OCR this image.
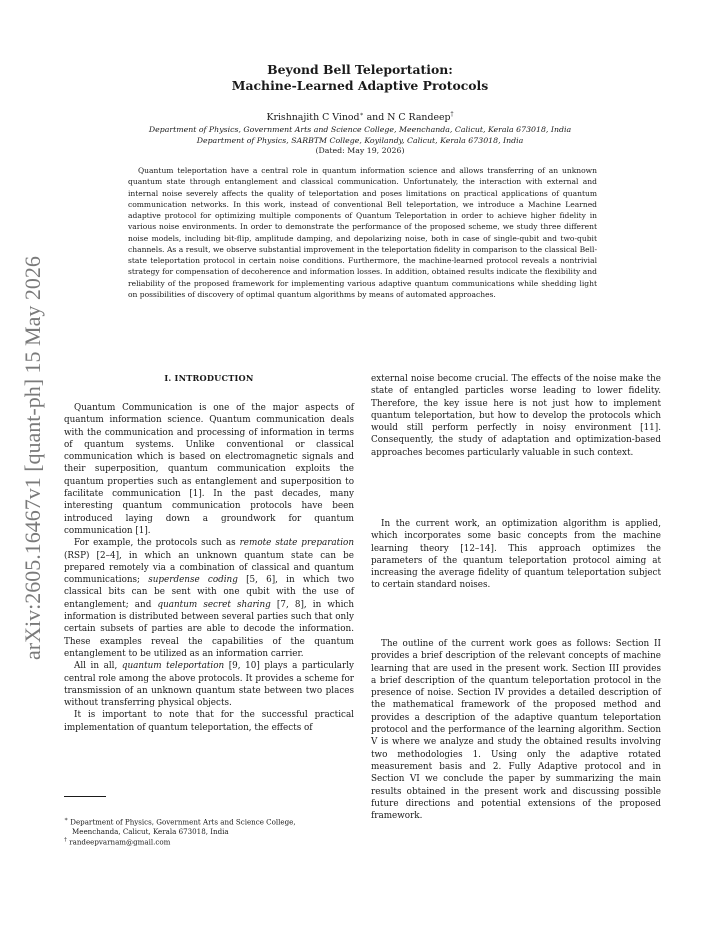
arXiv:2605.16467v1 [quant-ph] 15 May 2026
Beyond Bell Teleportation:
Machine-Learned Adaptive Protocols
Krishnajith C Vinod∗ and N C Randeep†
Department of Physics, Government Arts and Science College, Meenchanda, Calicut, Kerala 673018, India
Department of Physics, SARBTM College, Koyilandy, Calicut, Kerala 673018, India
(Dated: May 19, 2026)
Quantum teleportation have a central role in quantum information science and allows transferring of an unknown quantum state through entanglement and classical communication. Unfortunately, the interaction with external and internal noise severely affects the quality of teleportation and poses limitations on practical applications of quantum communication networks. In this work, instead of conventional Bell teleportation, we introduce a Machine Learned adaptive protocol for optimizing multiple components of Quantum Teleportation in order to achieve higher fidelity in various noise environments. In order to demonstrate the performance of the proposed scheme, we study three different noise models, including bit-flip, amplitude damping, and depolarizing noise, both in case of single-qubit and two-qubit channels. As a result, we observe substantial improvement in the teleportation fidelity in comparison to the classical Bell-state teleportation protocol in certain noise conditions. Furthermore, the machine-learned protocol reveals a nontrivial strategy for compensation of decoherence and information losses. In addition, obtained results indicate the flexibility and reliability of the proposed framework for implementing various adaptive quantum communications while shedding light on possibilities of discovery of optimal quantum algorithms by means of automated approaches.
I. INTRODUCTION

Quantum Communication is one of the major aspects of quantum information science. Quantum communication deals with the communication and processing of information in terms of quantum systems. Unlike conventional or classical communication which is based on electromagnetic signals and their superposition, quantum communication exploits the quantum properties such as entanglement and superposition to facilitate communication [1]. In the past decades, many interesting quantum communication protocols have been introduced laying down a groundwork for quantum communication [1].

For example, the protocols such as remote state preparation (RSP) [2–4], in which an unknown quantum state can be prepared remotely via a combination of classical and quantum communications; superdense coding [5, 6], in which two classical bits can be sent with one qubit with the use of entanglement; and quantum secret sharing [7, 8], in which information is distributed between several parties such that only certain subsets of parties are able to decode the information. These examples reveal the capabilities of the quantum entanglement to be utilized as an information carrier.

All in all, quantum teleportation [9, 10] plays a particularly central role among the above protocols. It provides a scheme for transmission of an unknown quantum state between two places without transferring physical objects.

It is important to note that for the successful practical implementation of quantum teleportation, the effects of

external noise become crucial. The effects of the noise make the state of entangled particles worse leading to lower fidelity. Therefore, the key issue here is not just how to implement quantum teleportation, but how to develop the protocols which would still perform perfectly in noisy environment [11]. Consequently, the study of adaptation and optimization-based approaches becomes particularly valuable in such context.

In the current work, an optimization algorithm is applied, which incorporates some basic concepts from the machine learning theory [12–14]. This approach optimizes the parameters of the quantum teleportation protocol aiming at increasing the average fidelity of quantum teleportation subject to certain standard noises.

The outline of the current work goes as follows: Section II provides a brief description of the relevant concepts of machine learning that are used in the present work. Section III provides a brief description of the quantum teleportation protocol in the presence of noise. Section IV provides a detailed description of the mathematical framework of the proposed method and provides a description of the adaptive quantum teleportation protocol and the performance of the learning algorithm. Section V is where we analyze and study the obtained results involving two methodologies 1. Using only the adaptive rotated measurement basis and 2. Fully Adaptive protocol and in Section VI we conclude the paper by summarizing the main results obtained in the present work and discussing possible future directions and potential extensions of the proposed framework.

∗ Department of Physics, Government Arts and Science College,

Meenchanda, Calicut, Kerala 673018, India

† randeepvarnam@gmail.com
